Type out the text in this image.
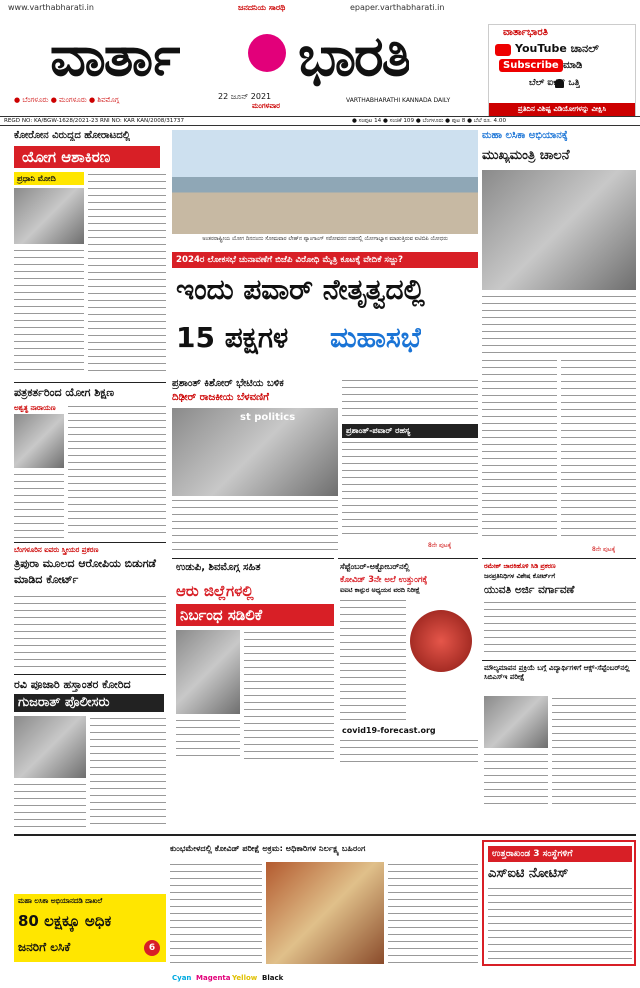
www.varthabharati.in	ಜನದನಿಯ ಸಾರಥಿ	epaper.varthabharati.in
ವಾರ್ತಾ ಭಾರತಿ
● ಬೆಂಗಳೂರು ● ಮಂಗಳೂರು ● ಶಿವಮೊಗ್ಗ	22 ಜೂನ್ 2021
ಮಂಗಳವಾರ
VARTHABHARATHI KANNADA DAILY
ವಾರ್ತಾಭಾರತಿ
YouTube ಚಾನಲ್
Subscribe ಮಾಡಿ
ಬೆಲ್ ಐಕನ್ ಒತ್ತಿ
ಪ್ರತಿದಿನ ವಿಶಿಷ್ಟ ವಿಡಿಯೋಗಳನ್ನು ವೀಕ್ಷಿಸಿ
REGD NO: KA/BGW-1628/2021-23 RNI NO: KAR KAN/2008/31737	● ಸಂಪುಟ 14 ● ಸಂಚಿಕೆ 109 ● ಬೆಂಗಳೂರು ● ಪುಟ 8 ● ಬೆಲೆ ರೂ. 4.00
ಕೋರೋನ ವಿರುದ್ಧದ ಹೋರಾಟದಲ್ಲಿ
ಯೋಗ ಆಶಾಕಿರಣ
ಪ್ರಧಾನಿ ಮೋದಿ
ಪತ್ರಕರ್ತರಿಂದ ಯೋಗ ಶಿಕ್ಷಣ
ಅಶ್ವತ್ಥ ನಾರಾಯಣ
ಬೆಂಗಳೂರಿನ ಐವರು ಸ್ತ್ರೀಯರ ಪ್ರಕರಣ
ತ್ರಿಪುರಾ ಮೂಲದ ಆರೋಪಿಯ ಬಿಡುಗಡೆ ಮಾಡಿದ ಕೋರ್ಟ್
ರವಿ ಪೂಜಾರಿ ಹಸ್ತಾಂತರ ಕೋರಿದ
ಗುಜರಾತ್ ಪೊಲೀಸರು
ಅಂತರರಾಷ್ಟ್ರೀಯ ಯೋಗ ದಿನದಂದು ಸೋಮವಾರ ಲೇಹ್‌ನ ಪ್ಯಾಂಗಾಂಗ್ ಸರೋವರದ ದಡದಲ್ಲಿ ಯೋಗಾಭ್ಯಾಸ ಮಾಡುತ್ತಿರುವ ಐಟಿಬಿಪಿ ಯೋಧರು
2024ರ ಲೋಕಸಭೆ ಚುನಾವಣೆಗೆ ಬಿಜೆಪಿ ವಿರೋಧಿ ಮೈತ್ರಿ ಕೂಟಕ್ಕೆ ವೇದಿಕೆ ಸಜ್ಜು?
ಇಂದು ಪವಾರ್ ನೇತೃತ್ವದಲ್ಲಿ
15 ಪಕ್ಷಗಳ ಮಹಾಸಭೆ
ಪ್ರಶಾಂತ್ ಕಿಶೋರ್ ಭೇಟಿಯ ಬಳಿಕ
ದಿಢೀರ್ ರಾಜಕೀಯ ಬೆಳವಣಿಗೆ
st politics
ಪ್ರಶಾಂತ್-ಪವಾರ್ ರಹಸ್ಯ
8ನೇ ಪುಟಕ್ಕೆ
ಉಡುಪಿ, ಶಿವಮೊಗ್ಗ ಸಹಿತ
ಆರು ಜಿಲ್ಲೆಗಳಲ್ಲಿ
ನಿರ್ಬಂಧ ಸಡಿಲಿಕೆ
ಸೆಪ್ಟೆಂಬರ್-ಅಕ್ಟೋಬರ್‌ನಲ್ಲಿ
ಕೋವಿಡ್ 3ನೇ ಅಲೆ ಉತ್ತುಂಗಕ್ಕೆ
ಐಐಟಿ ಕಾನ್ಪುರ ಅಧ್ಯಯನ ವರದಿ ನಿರೀಕ್ಷೆ
covid19-forecast.org
ಮಹಾ ಲಸಿಕಾ ಅಭಿಯಾನಕ್ಕೆ
ಮುಖ್ಯಮಂತ್ರಿ ಚಾಲನೆ
8ನೇ ಪುಟಕ್ಕೆ
ರಮೇಶ್ ಜಾರಕಿಹೊಳಿ ಸಿಡಿ ಪ್ರಕರಣ
ಜನಪ್ರತಿನಿಧಿಗಳ ವಿಶೇಷ ಕೋರ್ಟ್‌ಗೆ
ಯುವತಿ ಅರ್ಜಿ ವರ್ಗಾವಣೆ
ಮೌಲ್ಯಮಾಪನ ಪ್ರಕ್ರಿಯೆ ಬಗ್ಗೆ ವಿದ್ಯಾರ್ಥಿಗಳಿಗೆ ಆಕ್ಸ್-ಸೆಪ್ಟೆಂಬರ್‌ನಲ್ಲಿ ಸಿಬಿಎಸ್‌ಇ ಪರೀಕ್ಷೆ
ಕುಂಭಮೇಳದಲ್ಲಿ ಕೋವಿಡ್ ಪರೀಕ್ಷೆ ಅಕ್ರಮ: ಅಧಿಕಾರಿಗಳ ನಿರ್ಲಕ್ಷ್ಯ ಬಹಿರಂಗ
ಮಹಾ ಲಸಿಕಾ ಅಭಿಯಾನದಡಿ ದಾಖಲೆ
80 ಲಕ್ಷಕ್ಕೂ ಅಧಿಕ
ಜನರಿಗೆ ಲಸಿಕೆ	6
ಉತ್ತರಾಖಂಡ 3 ಸಂಸ್ಥೆಗಳಿಗೆ
ಎಸ್‌ಐಟಿ ನೋಟಿಸ್
Cyan Magenta Yellow Black
